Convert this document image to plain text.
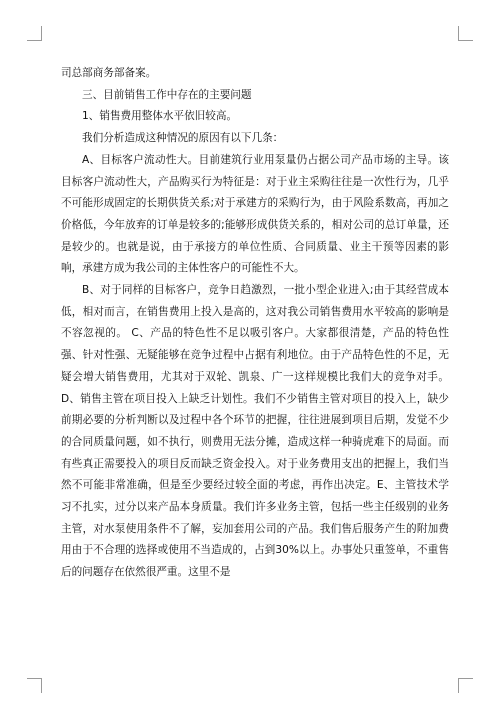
司总部商务部备案。

三、目前销售工作中存在的主要问题

1、销售费用整体水平依旧较高。

我们分析造成这种情况的原因有以下几条：

A、目标客户流动性大。目前建筑行业用泵量仍占据公司产品市场的主导。该目标客户流动性大，产品购买行为特征是：对于业主采购往往是一次性行为，几乎不可能形成固定的长期供货关系;对于承建方的采购行为，由于风险系数高，再加之价格低，今年放弃的订单是较多的;能够形成供货关系的，相对公司的总订单量，还是较少的。也就是说，由于承接方的单位性质、合同质量、业主干预等因素的影响，承建方成为我公司的主体性客户的可能性不大。

B、对于同样的目标客户，竞争日趋激烈，一批小型企业进入;由于其经营成本低，相对而言，在销售费用上投入是高的，这对我公司销售费用水平较高的影响是不容忽视的。 C、产品的特色性不足以吸引客户。大家都很清楚，产品的特色性强、针对性强、无疑能够在竞争过程中占据有利地位。由于产品特色性的不足，无疑会增大销售费用，尤其对于双轮、凯泉、广一这样规模比我们大的竞争对手。 D、销售主管在项目投入上缺乏计划性。我们不少销售主管对项目的投入上，缺少前期必要的分析判断以及过程中各个环节的把握，往往进展到项目后期，发觉不少的合同质量问题，如不执行，则费用无法分摊，造成这样一种骑虎难下的局面。而有些真正需要投入的项目反而缺乏资金投入。对于业务费用支出的把握上，我们当然不可能非常准确，但是至少要经过较全面的考虑，再作出决定。E、主管技术学习不扎实，过分以来产品本身质量。我们许多业务主管，包括一些主任级别的业务主管，对水泵使用条件不了解，妄加套用公司的产品。我们售后服务产生的附加费用由于不合理的选择或使用不当造成的，占到30%以上。办事处只重签单，不重售后的问题存在依然很严重。这里不是
